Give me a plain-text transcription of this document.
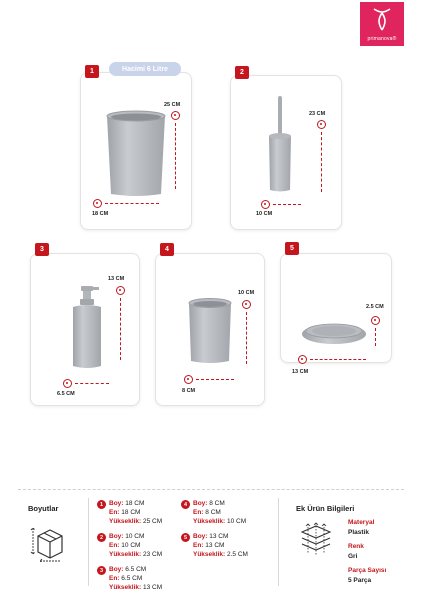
primanova®
1	Hacimi 6 Litre
25 CM
18 CM
2
23 CM
10 CM
3
13 CM
6.5 CM
4
10 CM
8 CM
5
2.5 CM
13 CM
Boyutlar	1 Boy: 18 CM
En: 18 CM
Yükseklik: 25 CM
2 Boy: 10 CM
En: 10 CM
Yükseklik: 23 CM
3 Boy: 6.5 CM
En: 6.5 CM
Yükseklik: 13 CM
4 Boy: 8 CM
En: 8 CM
Yükseklik: 10 CM
5 Boy: 13 CM
En: 13 CM
Yükseklik: 2.5 CM
Ek Ürün Bilgileri
Materyal
Plastik
Renk
Gri
Parça Sayısı
5 Parça
